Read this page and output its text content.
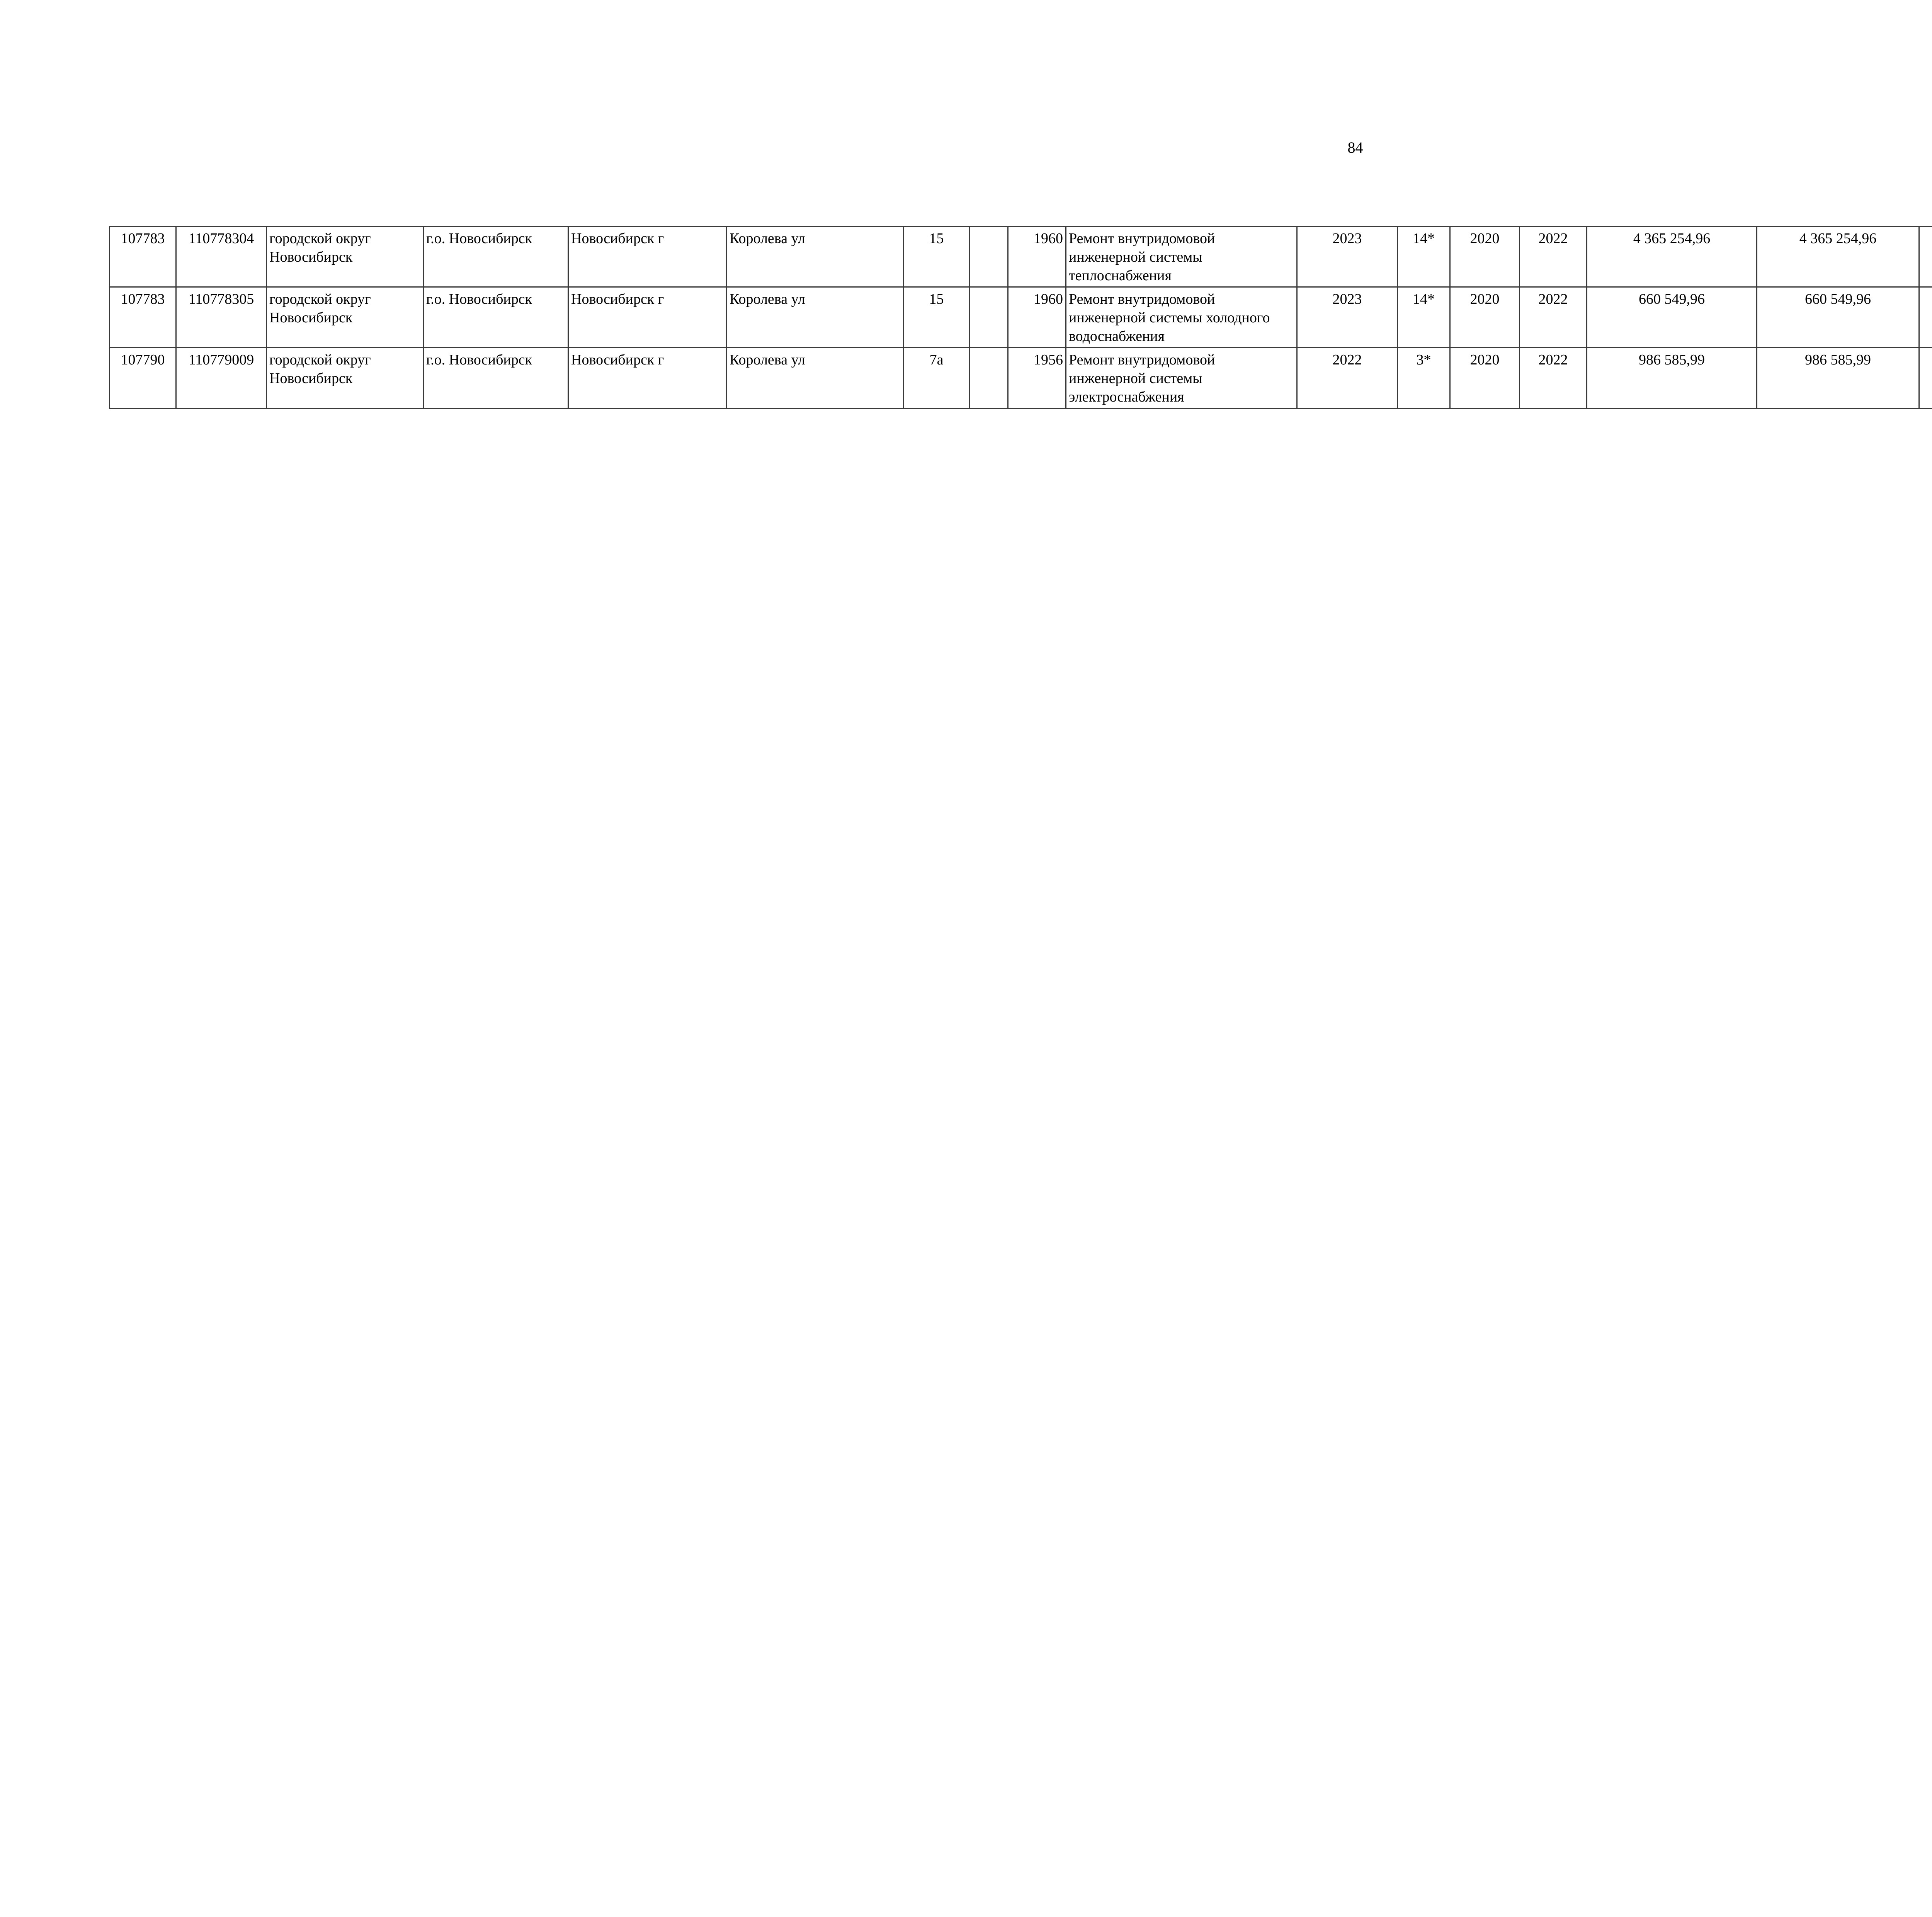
84
107783	110778304	городской округ Новосибирск	г.о. Новосибирск	Новосибирск г	Королева ул	15		1960	Ремонт внутридомовой инженерной системы теплоснабжения	2023	14*	2020	2022	4 365 254,96	4 365 254,96						
107783	110778305	городской округ Новосибирск	г.о. Новосибирск	Новосибирск г	Королева ул	15		1960	Ремонт внутридомовой инженерной системы холодного водоснабжения	2023	14*	2020	2022	660 549,96	660 549,96						
107790	110779009	городской округ Новосибирск	г.о. Новосибирск	Новосибирск г	Королева ул	7а		1956	Ремонт внутридомовой инженерной системы электроснабжения	2022	3*	2020	2022	986 585,99	986 585,99						
